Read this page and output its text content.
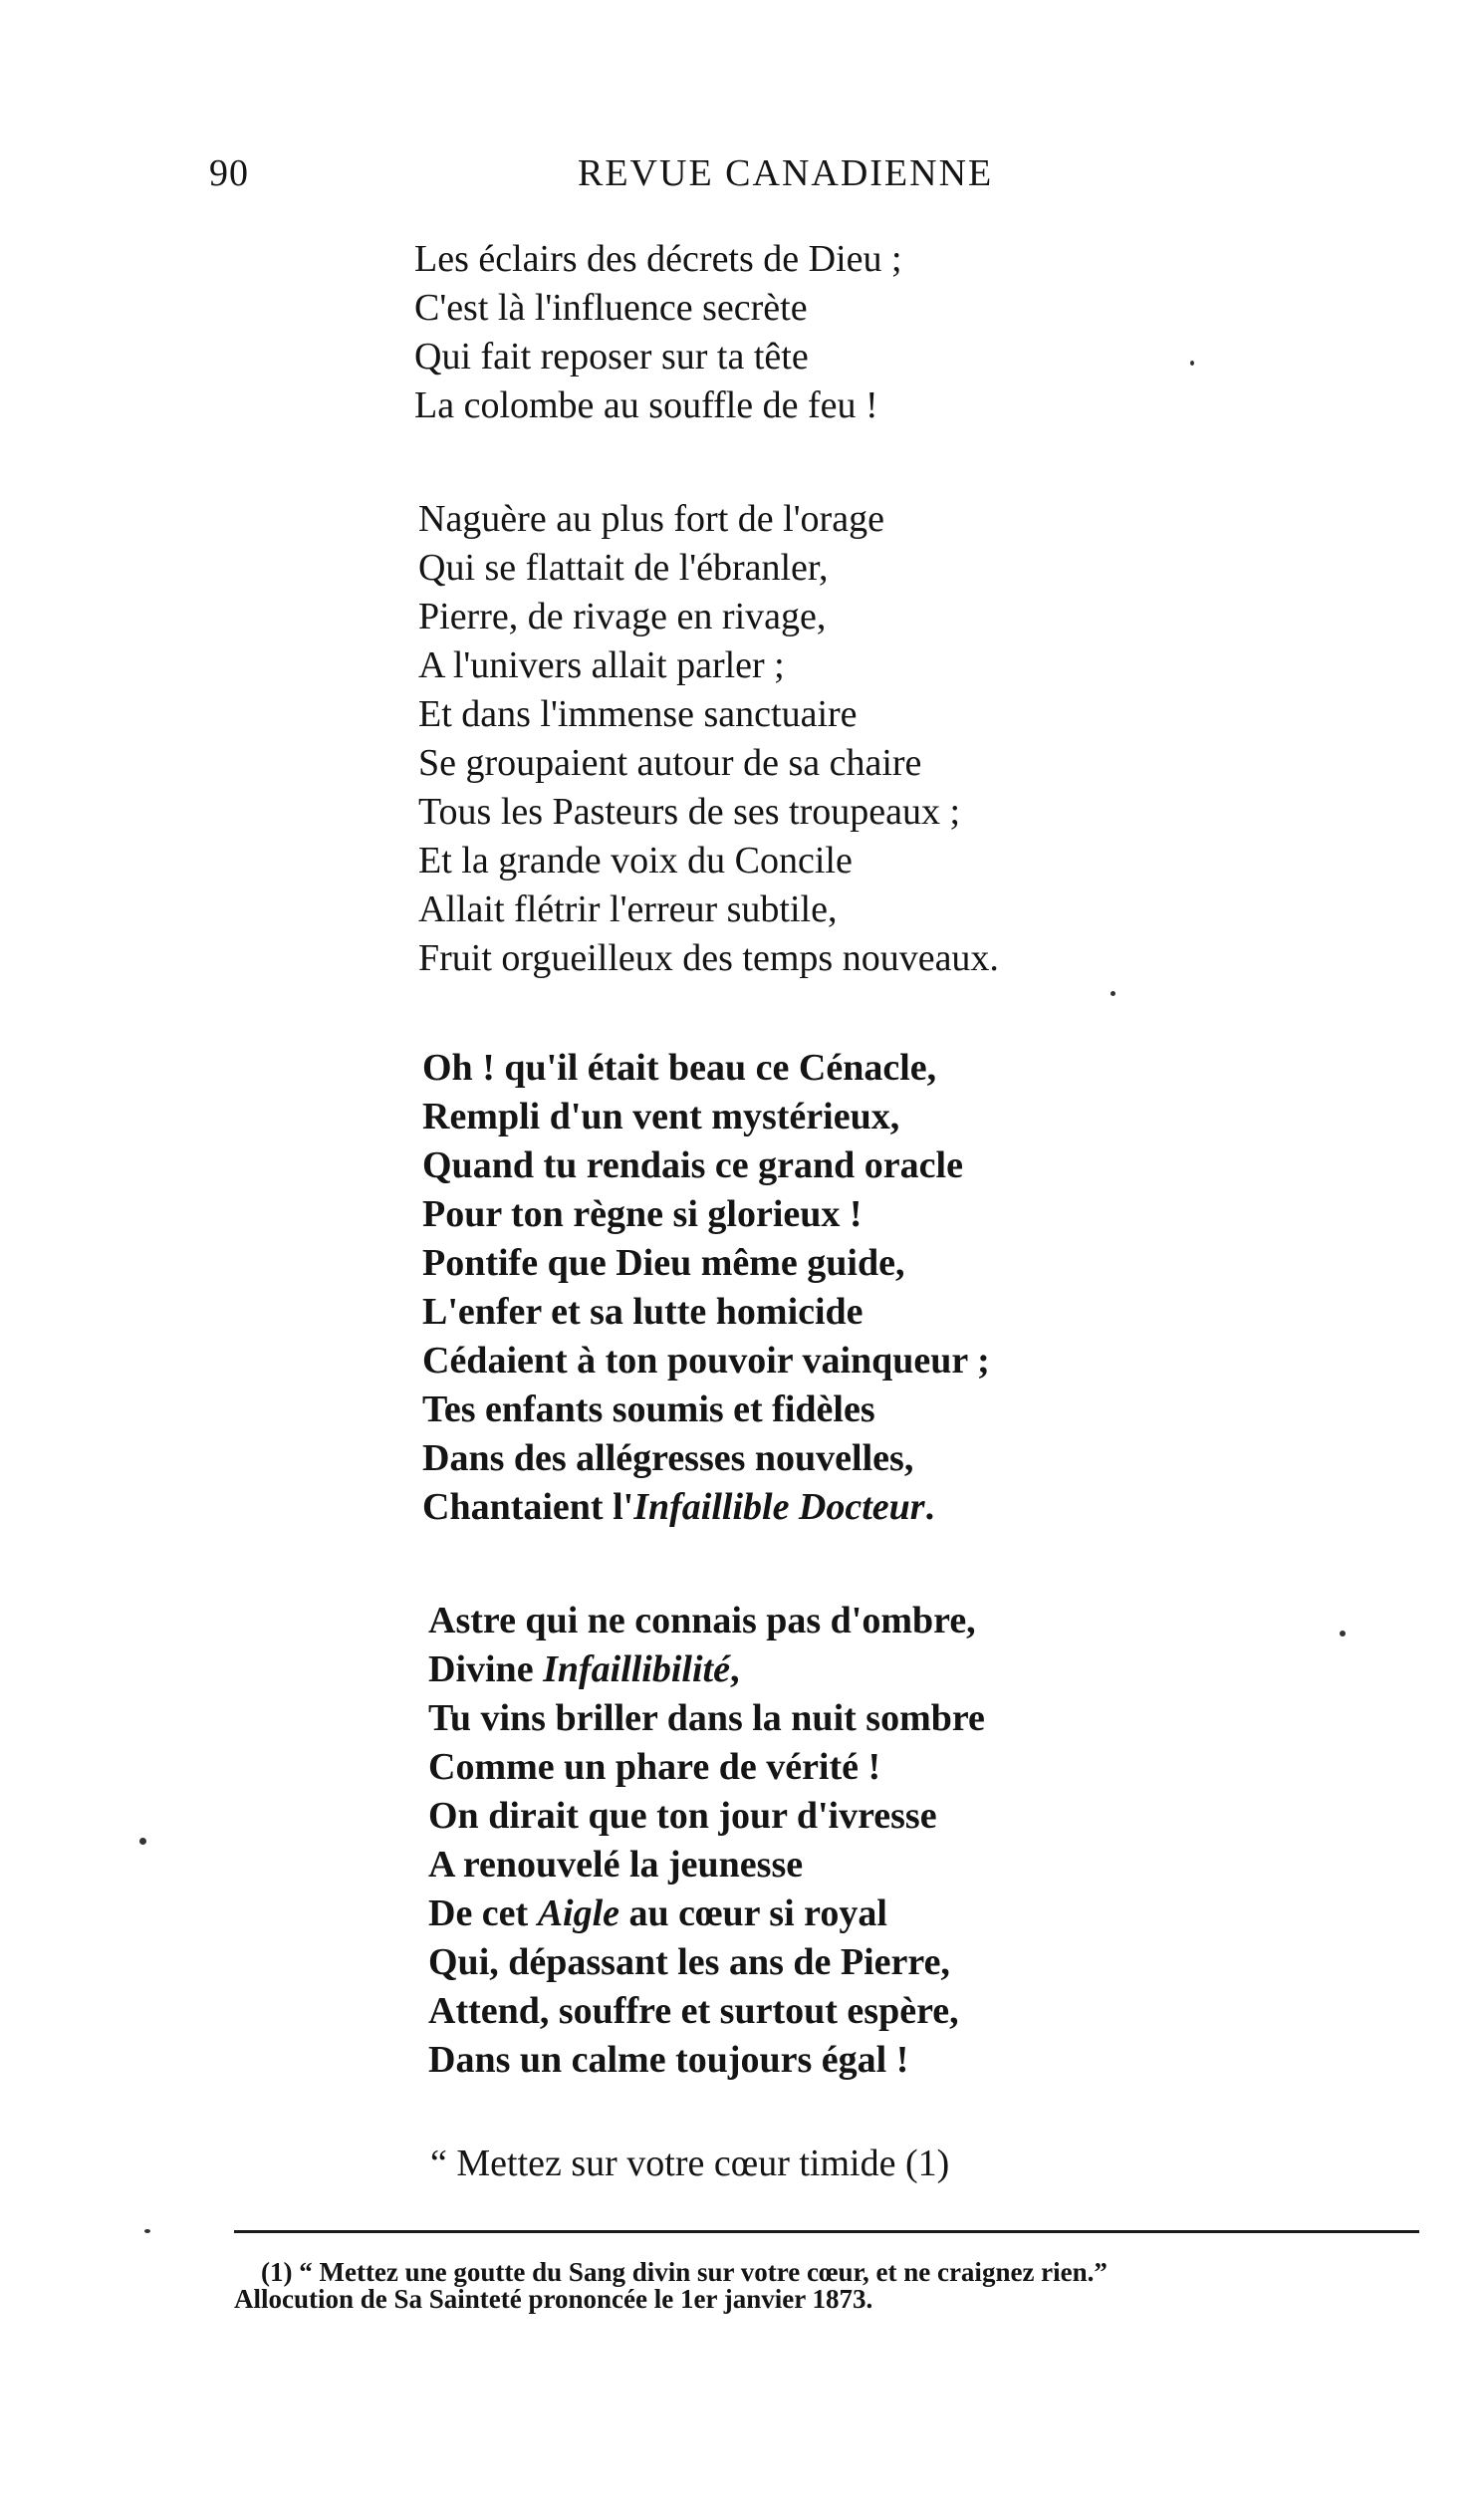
90	REVUE CANADIENNE
Les éclairs des décrets de Dieu ;
C'est là l'influence secrète
Qui fait reposer sur ta tête
La colombe au souffle de feu !
Naguère au plus fort de l'orage
Qui se flattait de l'ébranler,
Pierre, de rivage en rivage,
A l'univers allait parler ;
Et dans l'immense sanctuaire
Se groupaient autour de sa chaire
Tous les Pasteurs de ses troupeaux ;
Et la grande voix du Concile
Allait flétrir l'erreur subtile,
Fruit orgueilleux des temps nouveaux.
Oh ! qu'il était beau ce Cénacle,
Rempli d'un vent mystérieux,
Quand tu rendais ce grand oracle
Pour ton règne si glorieux !
Pontife que Dieu même guide,
L'enfer et sa lutte homicide
Cédaient à ton pouvoir vainqueur ;
Tes enfants soumis et fidèles
Dans des allégresses nouvelles,
Chantaient l'Infaillible Docteur.
Astre qui ne connais pas d'ombre,
Divine Infaillibilité,
Tu vins briller dans la nuit sombre
Comme un phare de vérité !
On dirait que ton jour d'ivresse
A renouvelé la jeunesse
De cet Aigle au cœur si royal
Qui, dépassant les ans de Pierre,
Attend, souffre et surtout espère,
Dans un calme toujours égal !
“ Mettez sur votre cœur timide (1)
(1) “ Mettez une goutte du Sang divin sur votre cœur, et ne craignez rien.”
Allocution de Sa Sainteté prononcée le 1er janvier 1873.
